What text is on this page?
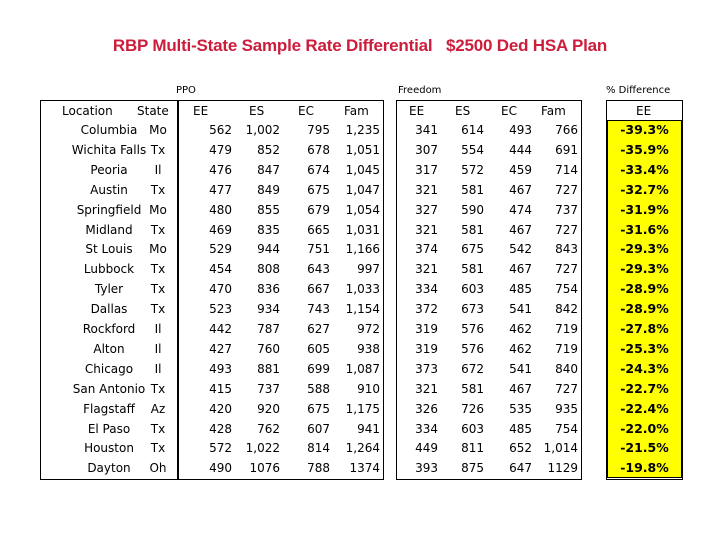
RBP Multi-State Sample Rate Differential   $2500 Ded HSA Plan
PPO	Freedom	% Difference
Location State EE	ES	EC	Fam	EE	ES	EC Fam	EE
Columbia Mo	562	1,002	795	1,235	341	614	493	766	-39.3%
Wichita Falls Tx	479	852	678	1,051	307	554	444	691	-35.9%
Peoria	Il	476	847	674	1,045	317	572	459	714	-33.4%
Austin	Tx	477	849	675	1,047	321	581	467	727	-32.7%
Springfield Mo	480	855	679	1,054	327	590	474	737	-31.9%
Midland	Tx	469	835	665	1,031	321	581	467	727	-31.6%
St Louis	Mo	529	944	751	1,166	374	675	542	843	-29.3%
Lubbock	Tx	454	808	643	997	321	581	467	727	-29.3%
Tyler	Tx	470	836	667	1,033	334	603	485	754	-28.9%
Dallas	Tx	523	934	743	1,154	372	673	541	842	-28.9%
Rockford	Il	442	787	627	972	319	576	462	719	-27.8%
Alton	Il	427	760	605	938	319	576	462	719	-25.3%
Chicago	Il	493	881	699	1,087	373	672	541	840	-24.3%
San Antonio Tx	415	737	588	910	321	581	467	727	-22.7%
Flagstaff	Az	420	920	675	1,175	326	726	535	935	-22.4%
El Paso	Tx	428	762	607	941	334	603	485	754	-22.0%
Houston	Tx	572	1,022	814	1,264	449	811	652 1,014	-21.5%
Dayton	Oh	490	1076	788	1374	393	875	647	1129	-19.8%
